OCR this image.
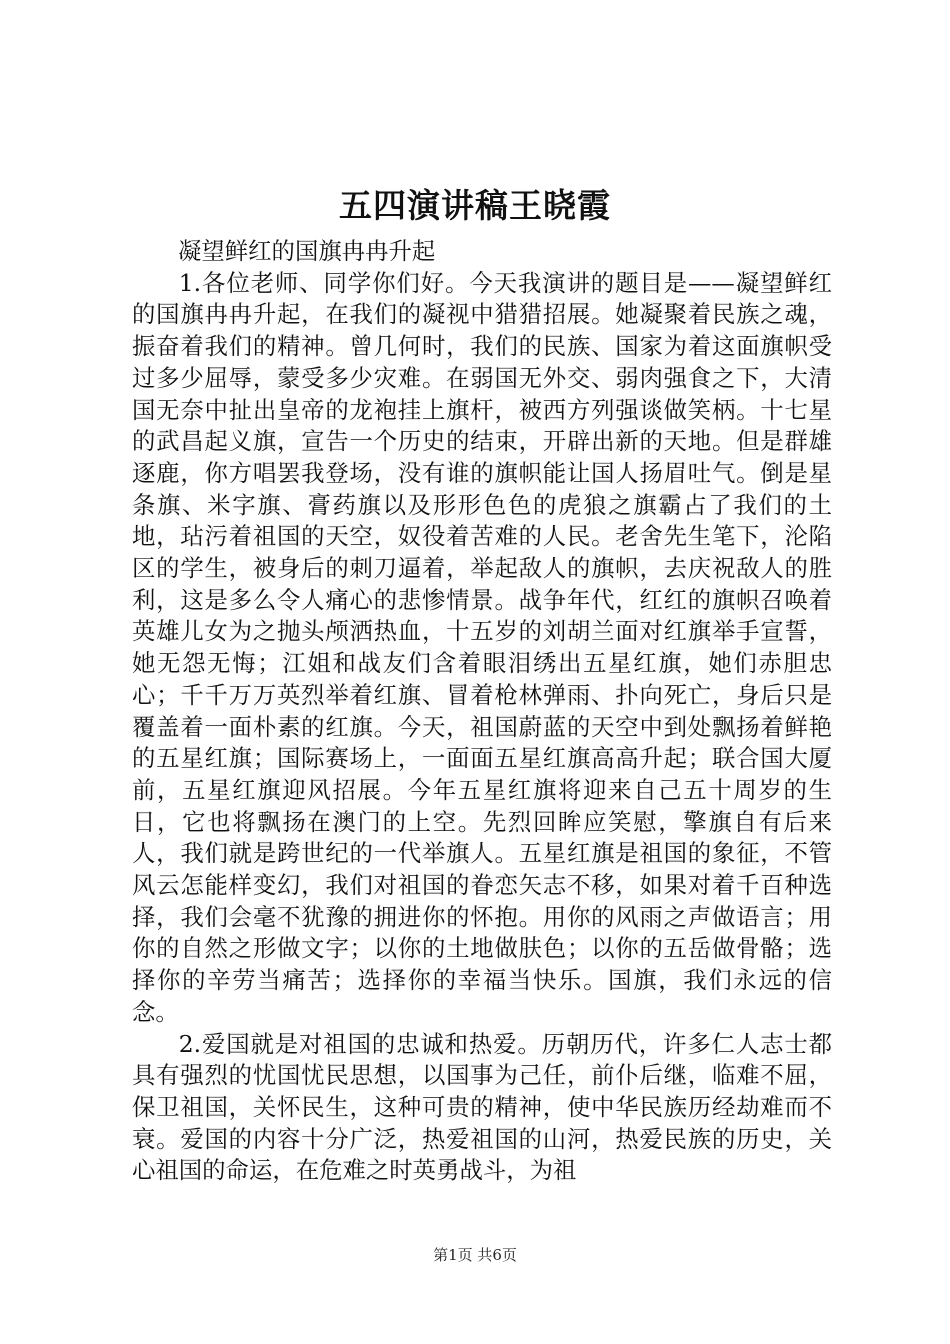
五四演讲稿王晓霞

凝望鲜红的国旗冉冉升起

1.各位老师、同学你们好。今天我演讲的题目是——凝望鲜红的国旗冉冉升起，在我们的凝视中猎猎招展。她凝聚着民族之魂，振奋着我们的精神。曾几何时，我们的民族、国家为着这面旗帜受过多少屈辱，蒙受多少灾难。在弱国无外交、弱肉强食之下，大清国无奈中扯出皇帝的龙袍挂上旗杆，被西方列强谈做笑柄。十七星的武昌起义旗，宣告一个历史的结束，开辟出新的天地。但是群雄逐鹿，你方唱罢我登场，没有谁的旗帜能让国人扬眉吐气。倒是星条旗、米字旗、膏药旗以及形形色色的虎狼之旗霸占了我们的土地，玷污着祖国的天空，奴役着苦难的人民。老舍先生笔下，沦陷区的学生，被身后的刺刀逼着，举起敌人的旗帜，去庆祝敌人的胜利，这是多么令人痛心的悲惨情景。战争年代，红红的旗帜召唤着英雄儿女为之抛头颅洒热血，十五岁的刘胡兰面对红旗举手宣誓，她无怨无悔；江姐和战友们含着眼泪绣出五星红旗，她们赤胆忠心；千千万万英烈举着红旗、冒着枪林弹雨、扑向死亡，身后只是覆盖着一面朴素的红旗。今天，祖国蔚蓝的天空中到处飘扬着鲜艳的五星红旗；国际赛场上，一面面五星红旗高高升起；联合国大厦前，五星红旗迎风招展。今年五星红旗将迎来自己五十周岁的生日，它也将飘扬在澳门的上空。先烈回眸应笑慰，擎旗自有后来人，我们就是跨世纪的一代举旗人。五星红旗是祖国的象征，不管风云怎能样变幻，我们对祖国的眷恋矢志不移，如果对着千百种选择，我们会毫不犹豫的拥进你的怀抱。用你的风雨之声做语言；用你的自然之形做文字；以你的土地做肤色；以你的五岳做骨骼；选择你的辛劳当痛苦；选择你的幸福当快乐。国旗，我们永远的信念。

2.爱国就是对祖国的忠诚和热爱。历朝历代，许多仁人志士都具有强烈的忧国忧民思想，以国事为己任，前仆后继，临难不屈，保卫祖国，关怀民生，这种可贵的精神，使中华民族历经劫难而不衰。爱国的内容十分广泛，热爱祖国的山河，热爱民族的历史，关心祖国的命运，在危难之时英勇战斗，为祖

第1页 共6页
